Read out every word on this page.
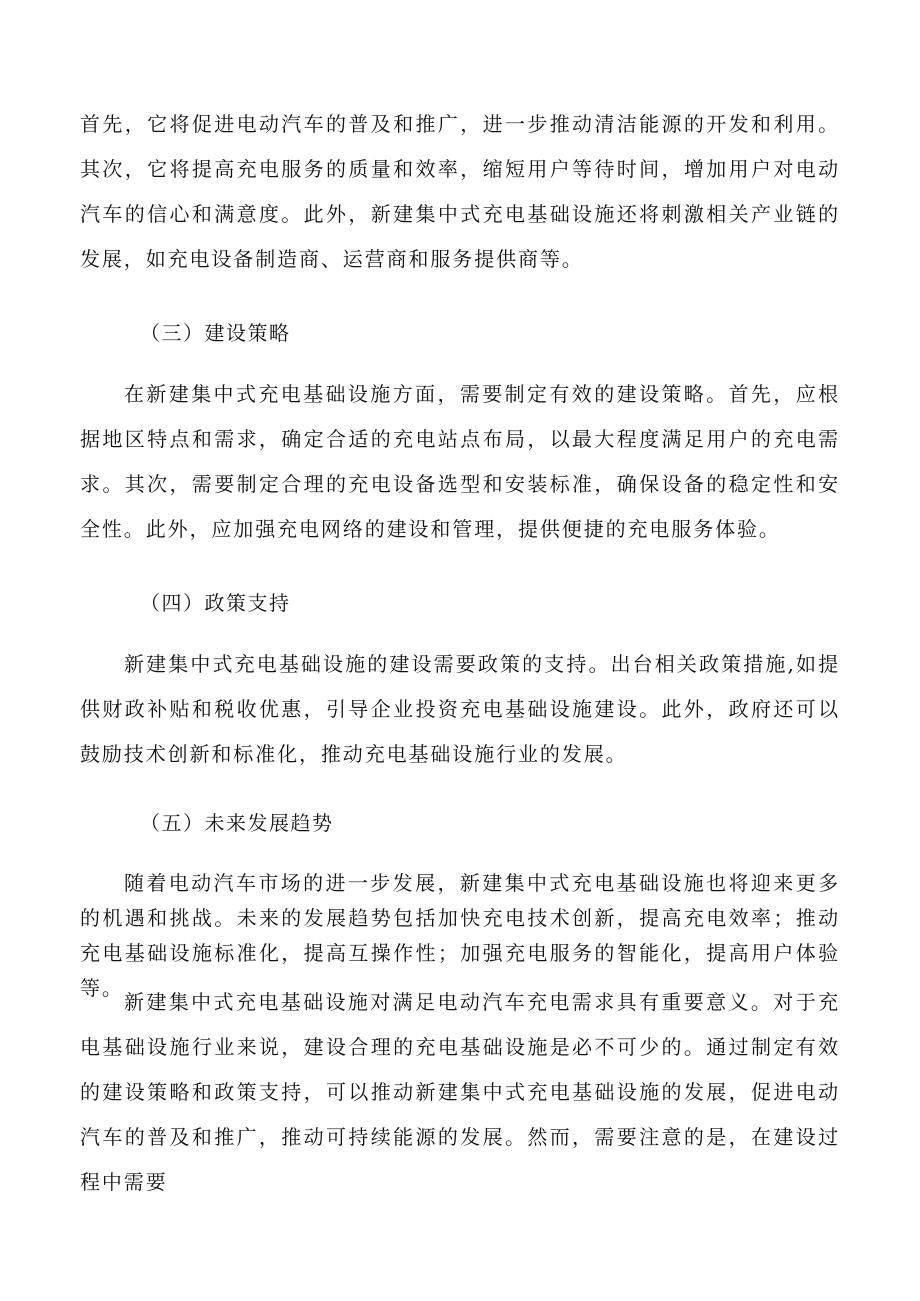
首先，它将促进电动汽车的普及和推广，进一步推动清洁能源的开发和利用。其次，它将提高充电服务的质量和效率，缩短用户等待时间，增加用户对电动汽车的信心和满意度。此外，新建集中式充电基础设施还将刺激相关产业链的发展，如充电设备制造商、运营商和服务提供商等。

（三）建设策略

在新建集中式充电基础设施方面，需要制定有效的建设策略。首先，应根据地区特点和需求，确定合适的充电站点布局，以最大程度满足用户的充电需求。其次，需要制定合理的充电设备选型和安装标准，确保设备的稳定性和安全性。此外，应加强充电网络的建设和管理，提供便捷的充电服务体验。

（四）政策支持

新建集中式充电基础设施的建设需要政策的支持。出台相关政策措施,如提供财政补贴和税收优惠，引导企业投资充电基础设施建设。此外，政府还可以鼓励技术创新和标准化，推动充电基础设施行业的发展。

（五）未来发展趋势

随着电动汽车市场的进一步发展，新建集中式充电基础设施也将迎来更多的机遇和挑战。未来的发展趋势包括加快充电技术创新，提高充电效率；推动充电基础设施标准化，提高互操作性；加强充电服务的智能化，提高用户体验等。

新建集中式充电基础设施对满足电动汽车充电需求具有重要意义。对于充电基础设施行业来说，建设合理的充电基础设施是必不可少的。通过制定有效的建设策略和政策支持，可以推动新建集中式充电基础设施的发展，促进电动汽车的普及和推广，推动可持续能源的发展。然而，需要注意的是，在建设过程中需要
